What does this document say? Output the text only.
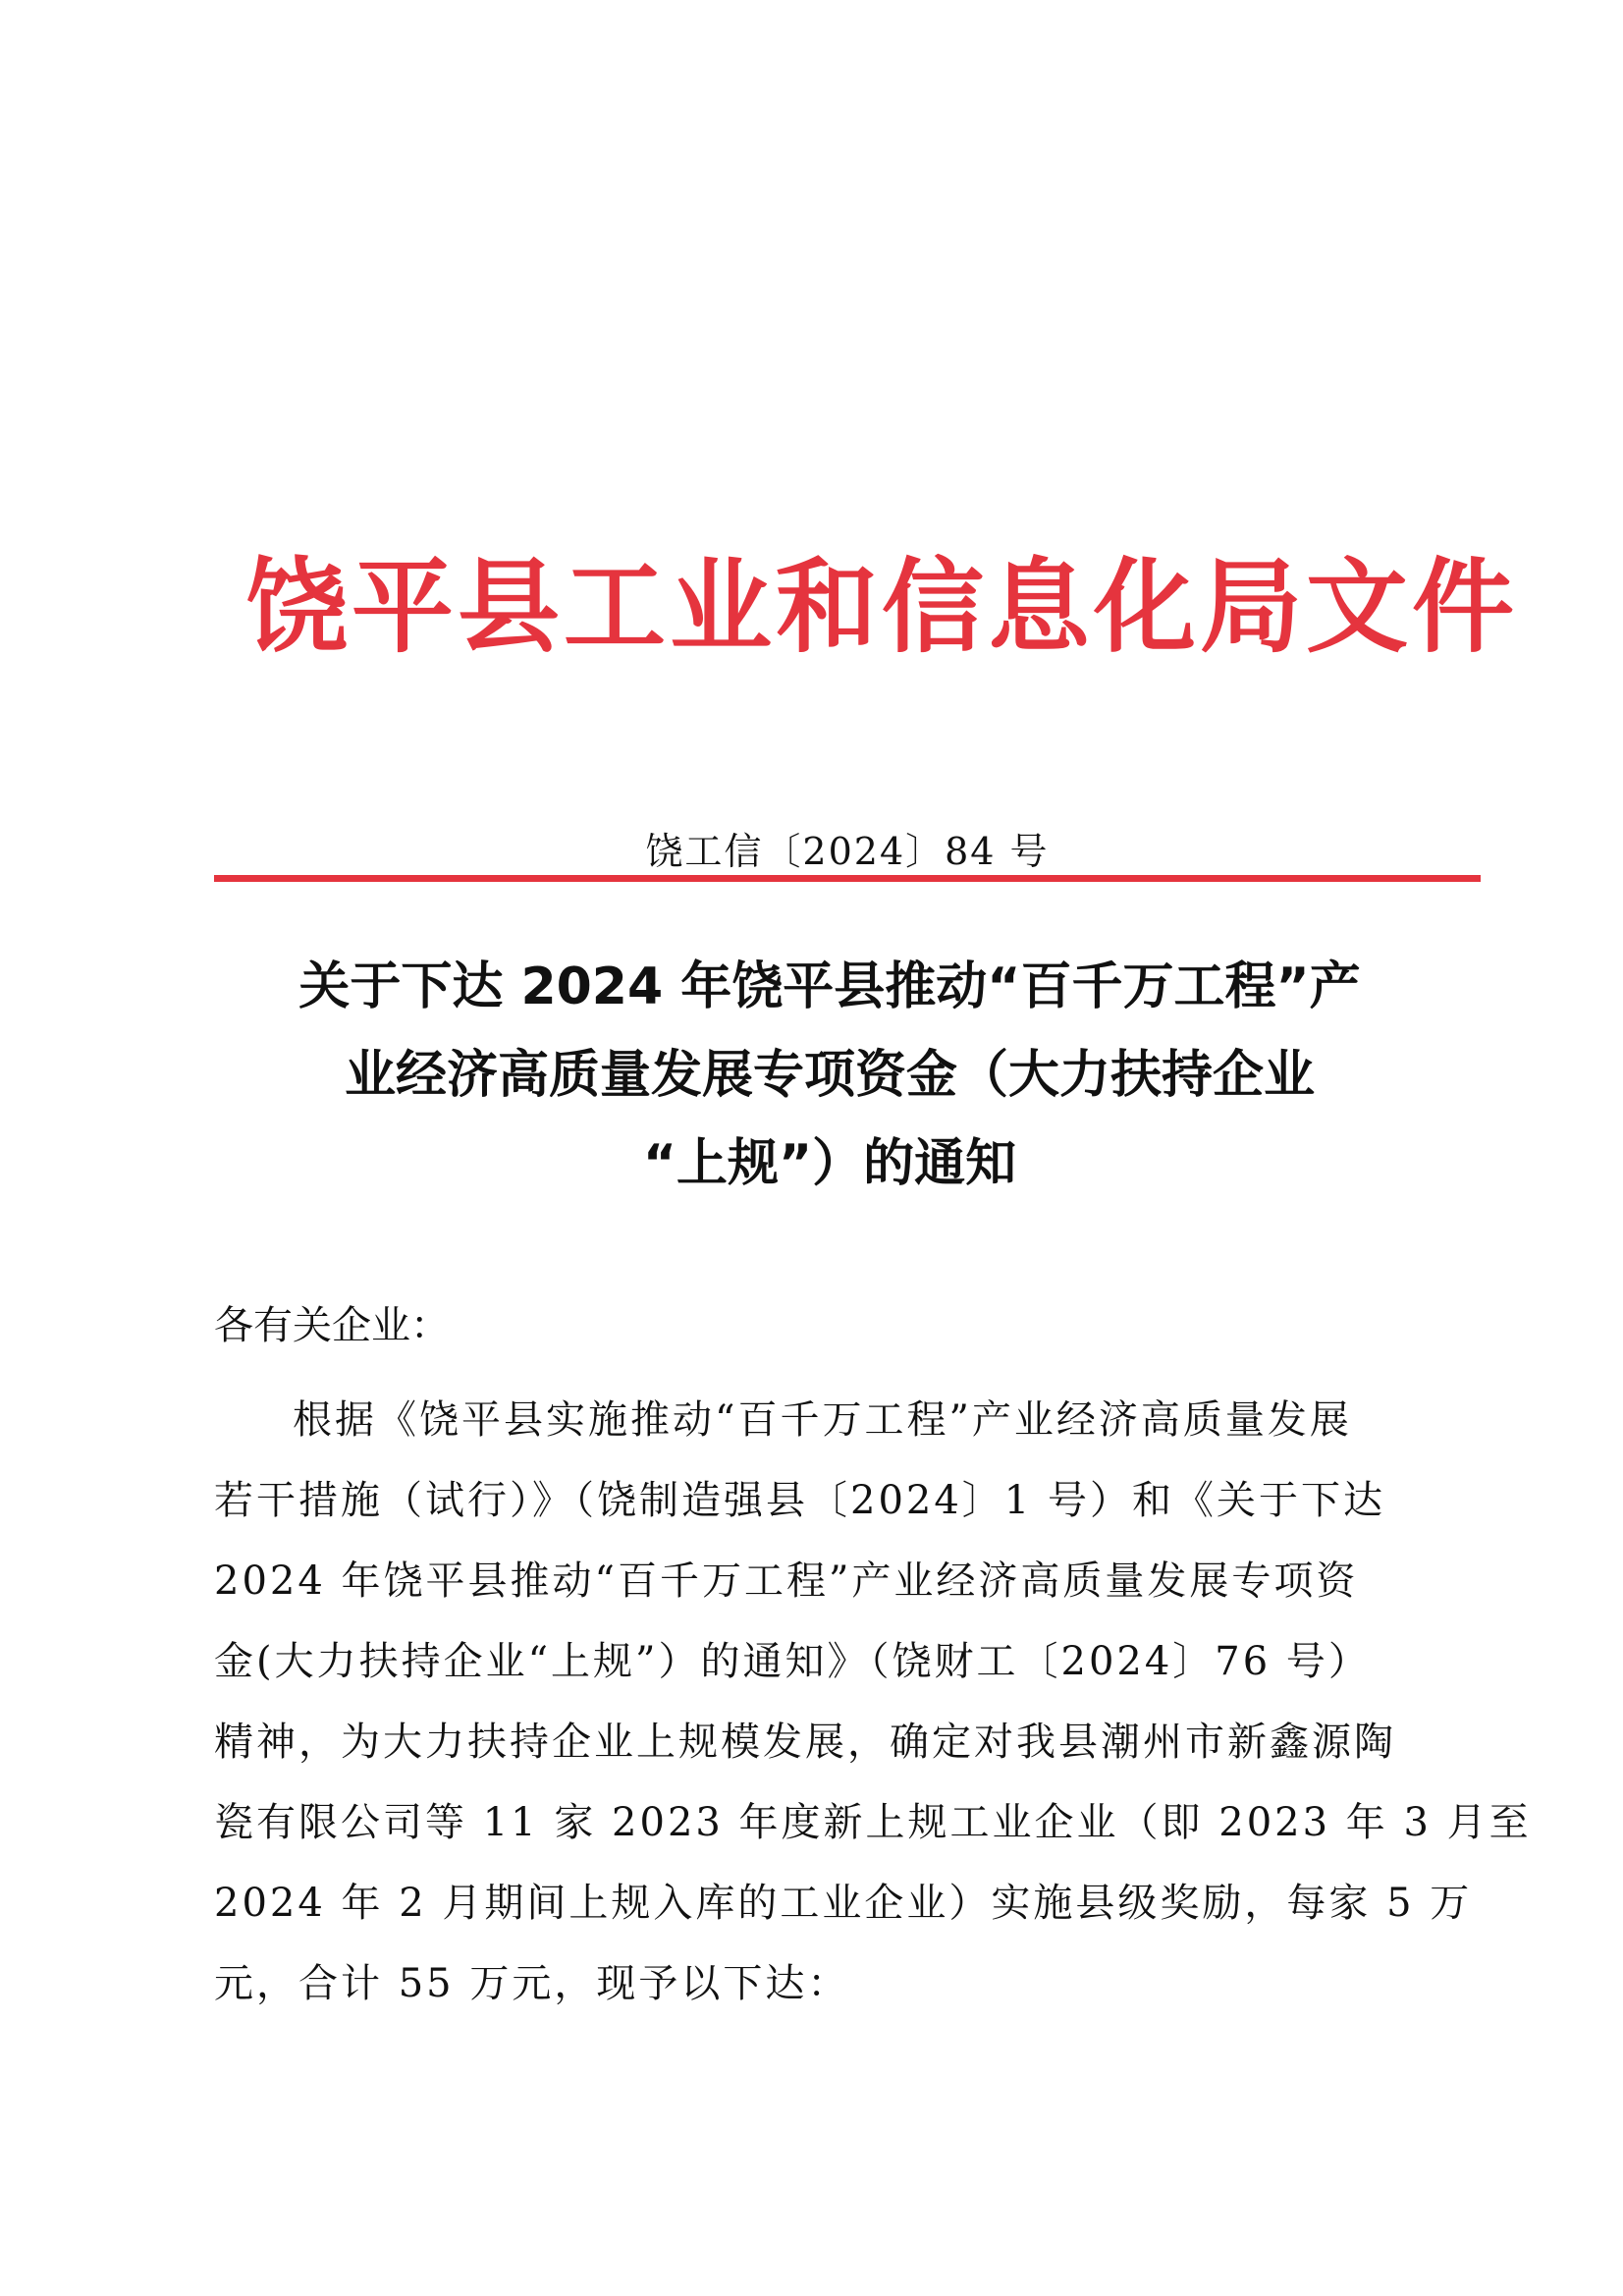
饶平县工业和信息化局文件
饶工信〔2024〕84 号
关于下达 2024 年饶平县推动“百千万工程”产
业经济高质量发展专项资金（大力扶持企业
“上规”）的通知
各有关企业：
根据《饶平县实施推动“百千万工程”产业经济高质量发展
若干措施（试行）》（饶制造强县〔2024〕1 号）和《关于下达
2024 年饶平县推动“百千万工程”产业经济高质量发展专项资
金(大力扶持企业“上规”）的通知》（饶财工〔2024〕76 号）
精神，为大力扶持企业上规模发展，确定对我县潮州市新鑫源陶
瓷有限公司等 11 家 2023 年度新上规工业企业（即 2023 年 3 月至
2024 年 2 月期间上规入库的工业企业）实施县级奖励，每家 5 万
元，合计 55 万元，现予以下达：
